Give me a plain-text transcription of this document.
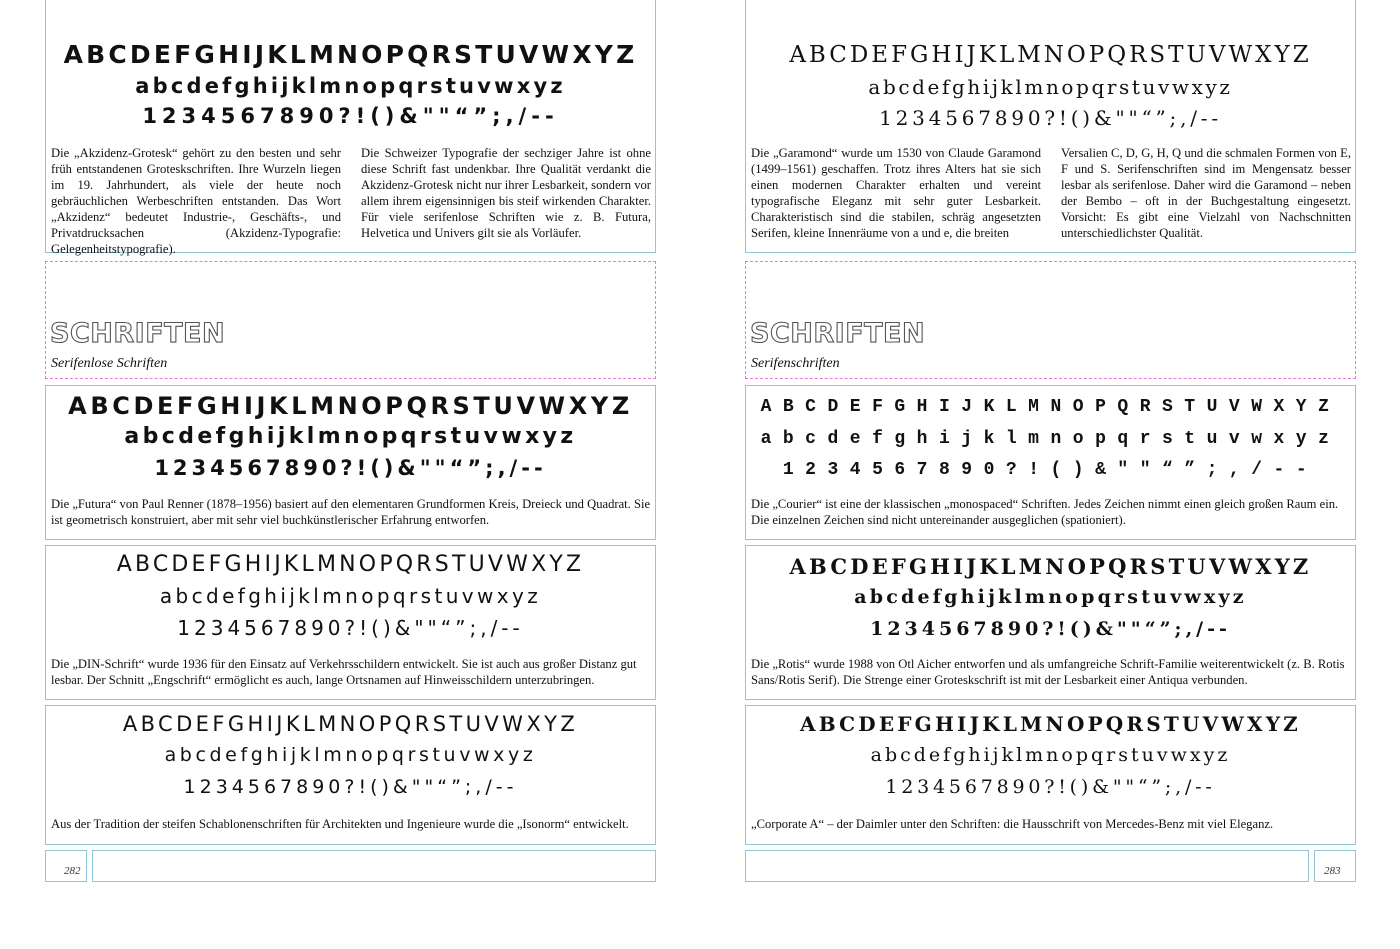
ABCDEFGHIJKLMNOPQRSTUVWXYZ
abcdefghijklmnopqrstuvwxyz
1234567890?!()&""“”;,/--
Die „Akzidenz-Grotesk“ gehört zu den besten und sehr früh entstandenen Groteskschriften. Ihre Wurzeln liegen im 19. Jahrhundert, als viele der heute noch gebräuchlichen Werbeschriften entstanden. Das Wort „Akzidenz“ bedeutet Industrie-, Geschäfts-, und Privatdrucksachen (Akzidenz-Typografie: Gelegenheitstypografie).
Die Schweizer Typografie der sechziger Jahre ist ohne diese Schrift fast undenkbar. Ihre Qualität verdankt die Akzidenz-Grotesk nicht nur ihrer Lesbarkeit, sondern vor allem ihrem eigensinnigen bis steif wirkenden Charakter. Für viele serifenlose Schriften wie z. B. Futura, Helvetica und Univers gilt sie als Vorläufer.
SCHRIFTEN
Serifenlose Schriften
ABCDEFGHIJKLMNOPQRSTUVWXYZ
abcdefghijklmnopqrstuvwxyz
1234567890?!()&""“”;,/--
Die „Futura“ von Paul Renner (1878–1956) basiert auf den elementaren Grundformen Kreis, Dreieck und Quadrat. Sie ist geometrisch konstruiert, aber mit sehr viel buchkünstlerischer Erfahrung entworfen.
ABCDEFGHIJKLMNOPQRSTUVWXYZ
abcdefghijklmnopqrstuvwxyz
1234567890?!()&""“”;,/--
Die „DIN-Schrift“ wurde 1936 für den Einsatz auf Verkehrsschildern entwickelt. Sie ist auch aus großer Distanz gut lesbar. Der Schnitt „Engschrift“ ermöglicht es auch, lange Ortsnamen auf Hinweisschildern unterzubringen.
ABCDEFGHIJKLMNOPQRSTUVWXYZ
abcdefghijklmnopqrstuvwxyz
1234567890?!()&""“”;,/--
Aus der Tradition der steifen Schablonenschriften für Architekten und Ingenieure wurde die „Isonorm“ entwickelt.
282
ABCDEFGHIJKLMNOPQRSTUVWXYZ
abcdefghijklmnopqrstuvwxyz
1234567890?!()&""“”;,/--
Die „Garamond“ wurde um 1530 von Claude Garamond (1499–1561) geschaffen. Trotz ihres Alters hat sie sich einen modernen Charakter erhalten und vereint typografische Eleganz mit sehr guter Lesbarkeit. Charakteristisch sind die stabilen, schräg angesetzten Serifen, kleine Innenräume von a und e, die breiten
Versalien C, D, G, H, Q und die schmalen Formen von E, F und S. Serifenschriften sind im Mengensatz besser lesbar als serifenlose. Daher wird die Garamond – neben der Bembo – oft in der Buchgestaltung eingesetzt. Vorsicht: Es gibt eine Vielzahl von Nachschnitten unterschiedlichster Qualität.
SCHRIFTEN
Serifenschriften
ABCDEFGHIJKLMNOPQRSTUVWXYZ
abcdefghijklmnopqrstuvwxyz
1234567890?!()&""“”;,/--
Die „Courier“ ist eine der klassischen „monospaced“ Schriften. Jedes Zeichen nimmt einen gleich großen Raum ein. Die einzelnen Zeichen sind nicht untereinander ausgeglichen (spationiert).
ABCDEFGHIJKLMNOPQRSTUVWXYZ
abcdefghijklmnopqrstuvwxyz
1234567890?!()&""“”;,/--
Die „Rotis“ wurde 1988 von Otl Aicher entworfen und als umfangreiche Schrift-Familie weiterentwickelt (z. B. Rotis Sans/Rotis Serif). Die Strenge einer Groteskschrift ist mit der Lesbarkeit einer Antiqua verbunden.
ABCDEFGHIJKLMNOPQRSTUVWXYZ
abcdefghijklmnopqrstuvwxyz
1234567890?!()&""“”;,/--
„Corporate A“ – der Daimler unter den Schriften: die Hausschrift von Mercedes-Benz mit viel Eleganz.
283
